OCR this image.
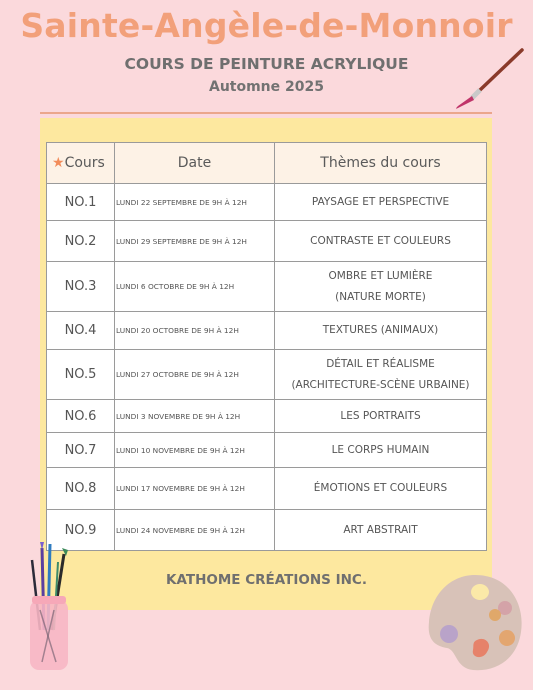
Sainte-Angèle-de-Monnoir
COURS DE PEINTURE ACRYLIQUE
Automne 2025
★Cours	Date	Thèmes du cours
NO.1	LUNDI 22 SEPTEMBRE DE 9H À 12H	PAYSAGE ET PERSPECTIVE

NO.2	LUNDI 29 SEPTEMBRE DE 9H À 12H	CONTRASTE ET COULEURS

NO.3	LUNDI 6 OCTOBRE DE 9H À 12H	OMBRE ET LUMIÈRE
(NATURE MORTE)

NO.4	LUNDI 20 OCTOBRE DE 9H À 12H	TEXTURES (ANIMAUX)

NO.5	LUNDI 27 OCTOBRE DE 9H À 12H	DÉTAIL ET RÉALISME
(ARCHITECTURE-SCÈNE URBAINE)

NO.6	LUNDI 3 NOVEMBRE DE 9H À 12H	LES PORTRAITS

NO.7	LUNDI 10 NOVEMBRE DE 9H À 12H	LE CORPS HUMAIN

NO.8	LUNDI 17 NOVEMBRE DE 9H À 12H	ÉMOTIONS ET COULEURS

NO.9	LUNDI 24 NOVEMBRE DE 9H À 12H	ART ABSTRAIT
KATHOME CRÉATIONS INC.
